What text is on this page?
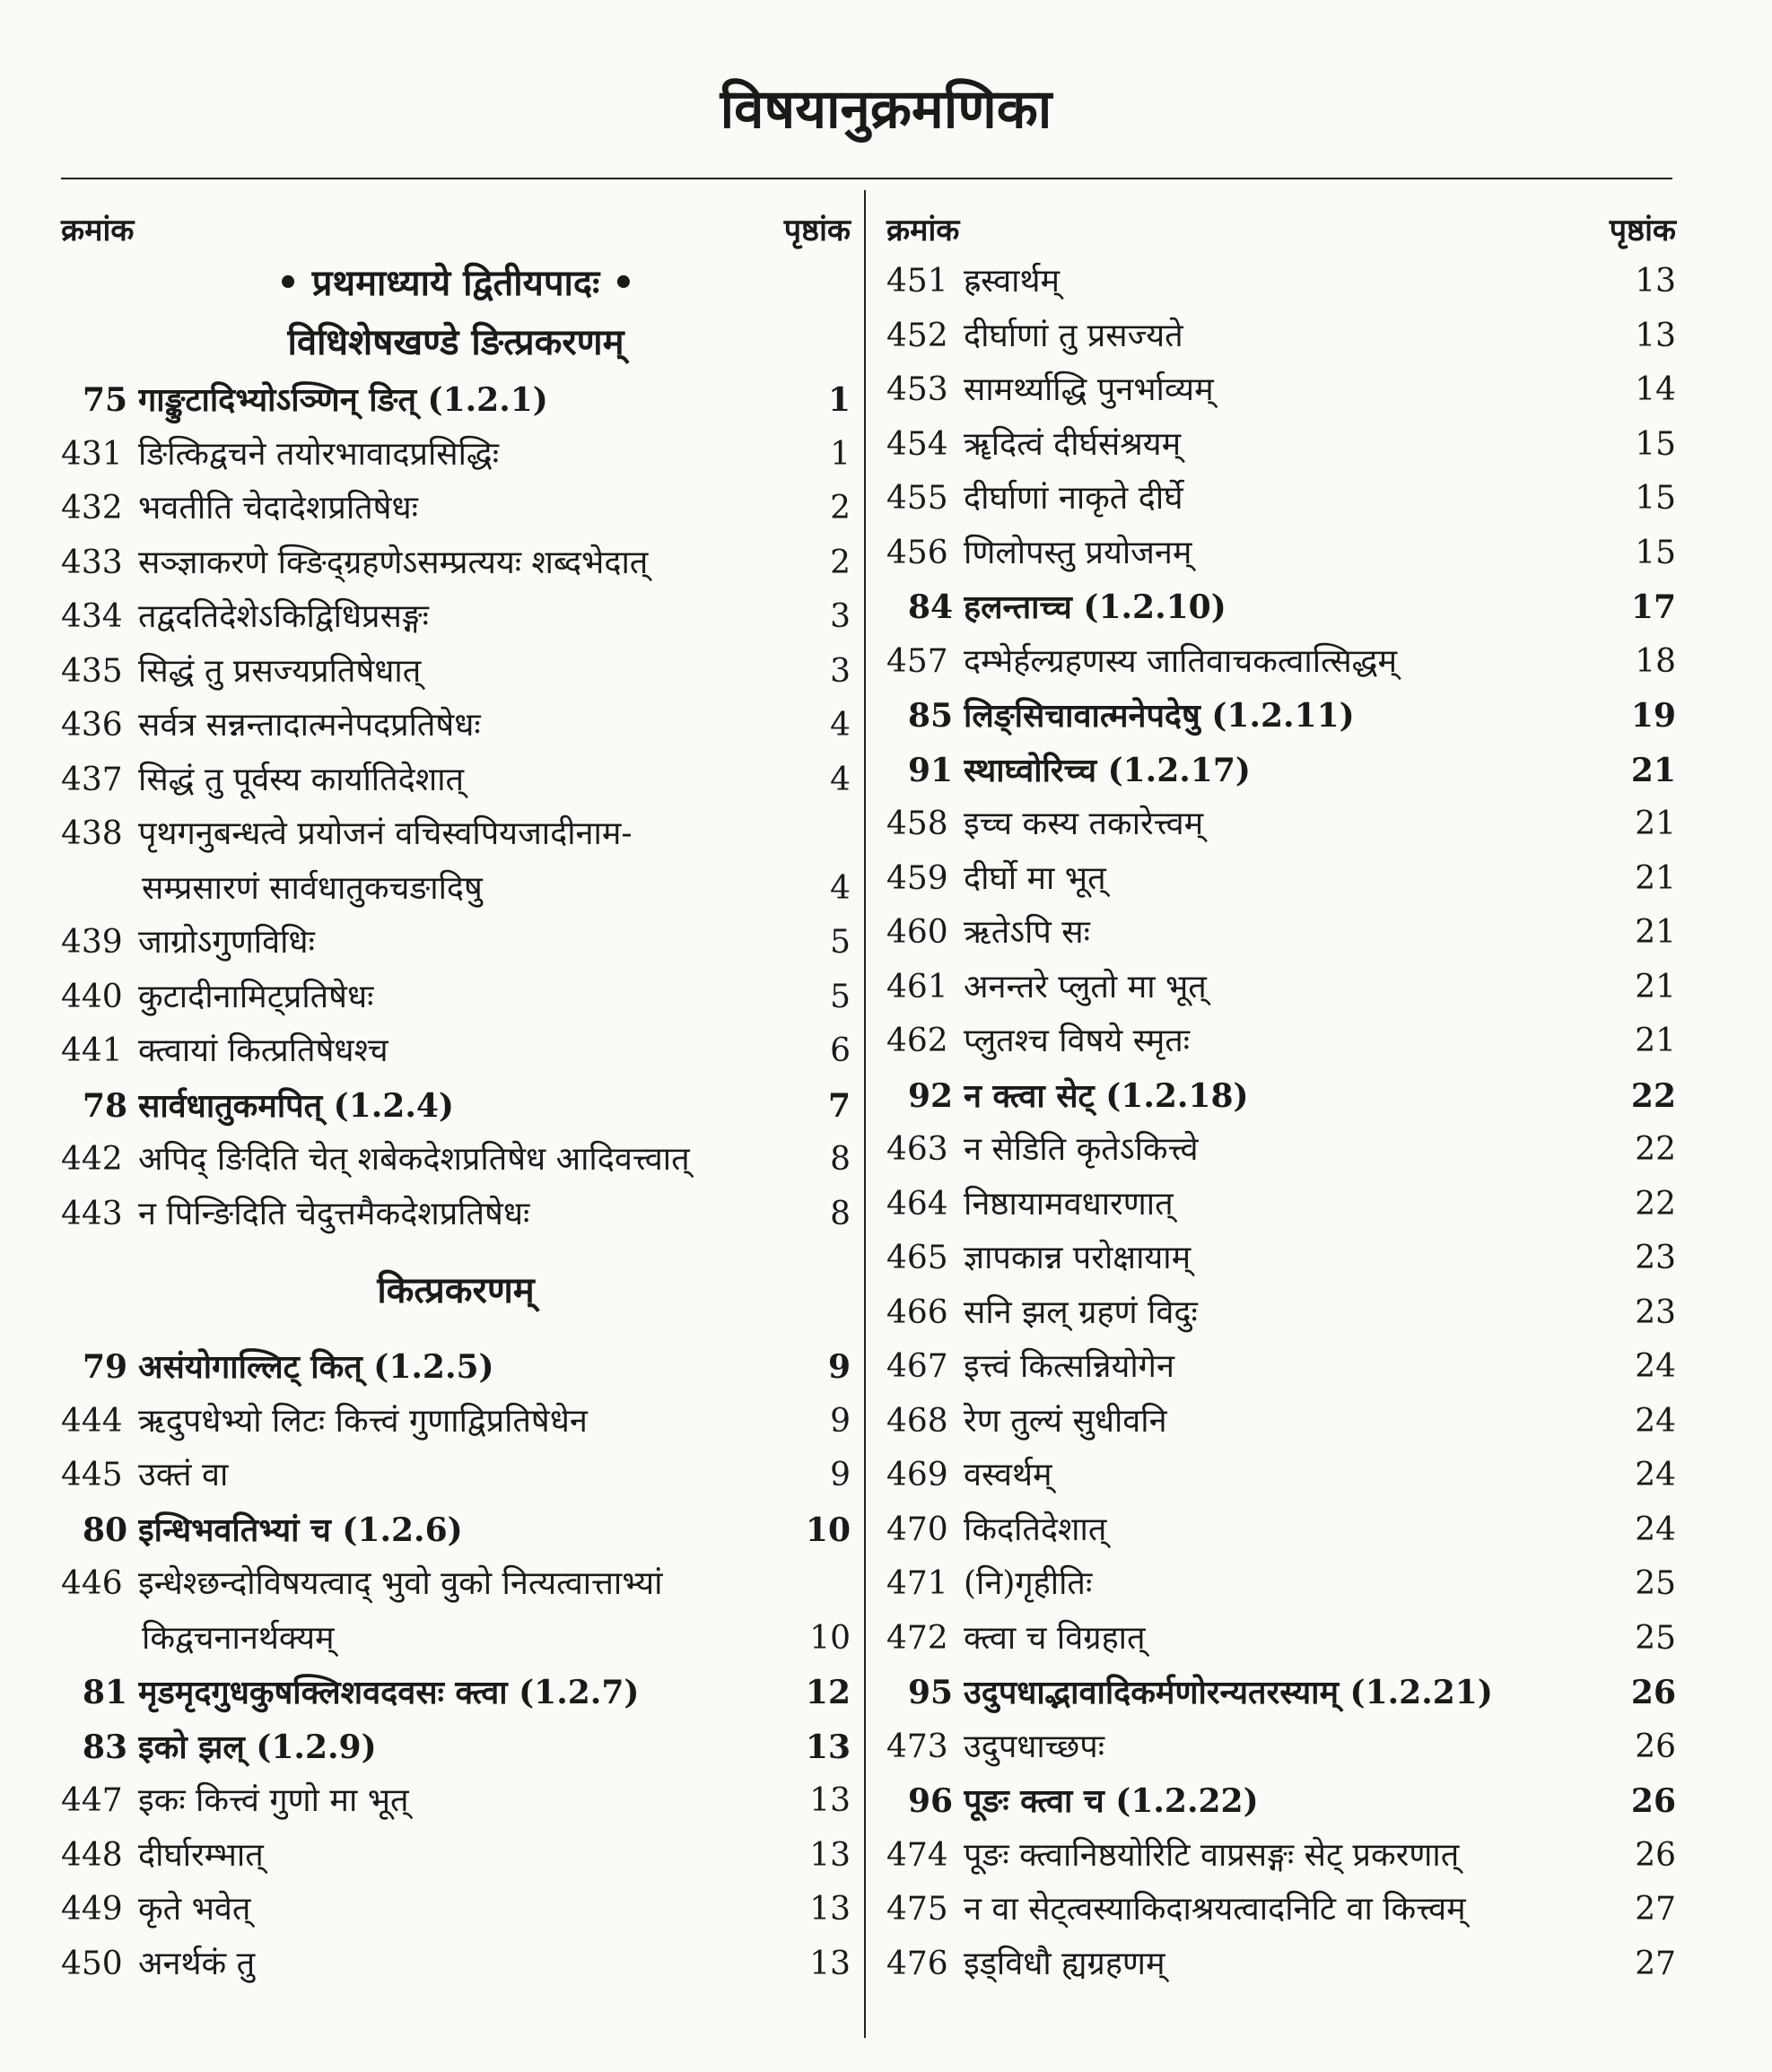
विषयानुक्रमणिका
क्रमांक	पृष्ठांक
• प्रथमाध्याये द्वितीयपादः •
विधिशेषखण्डे ङित्प्रकरणम्
75 गाङ्कुटादिभ्योऽञ्णिन् ङित् (1.2.1)	1
431 ङित्किद्वचने तयोरभावादप्रसिद्धिः	1
432 भवतीति चेदादेशप्रतिषेधः	2
433 सञ्ज्ञाकरणे क्ङिद्ग्रहणेऽसम्प्रत्ययः शब्दभेदात्	2
434 तद्वदतिदेशेऽकिद्विधिप्रसङ्गः	3
435 सिद्धं तु प्रसज्यप्रतिषेधात्	3
436 सर्वत्र सन्नन्तादात्मनेपदप्रतिषेधः	4
437 सिद्धं तु पूर्वस्य कार्यातिदेशात्	4
438 पृथगनुबन्धत्वे प्रयोजनं वचिस्वपियजादीनाम-
सम्प्रसारणं सार्वधातुकचङादिषु	4
439 जाग्रोऽगुणविधिः	5
440 कुटादीनामिट्प्रतिषेधः	5
441 क्त्वायां कित्प्रतिषेधश्च	6
78 सार्वधातुकमपित् (1.2.4)	7
442 अपिद् ङिदिति चेत् शबेकदेशप्रतिषेध आदिवत्त्वात्	8
443 न पिन्ङिदिति चेदुत्तमैकदेशप्रतिषेधः	8
कित्प्रकरणम्
79 असंयोगाल्लिट् कित् (1.2.5)	9
444 ऋदुपधेभ्यो लिटः कित्त्वं गुणाद्विप्रतिषेधेन	9
445 उक्तं वा	9
80 इन्धिभवतिभ्यां च (1.2.6)	10
446 इन्धेश्छन्दोविषयत्वाद् भुवो वुको नित्यत्वात्ताभ्यां
किद्वचनानर्थक्यम्	10
81 मृडमृदगुधकुषक्लिशवदवसः क्त्वा (1.2.7)	12
83 इको झल् (1.2.9)	13
447 इकः कित्त्वं गुणो मा भूत्	13
448 दीर्घारम्भात्	13
449 कृते भवेत्	13
450 अनर्थकं तु	13
क्रमांक	पृष्ठांक
451 ह्रस्वार्थम्	13
452 दीर्घाणां तु प्रसज्यते	13
453 सामर्थ्याद्धि पुनर्भाव्यम्	14
454 ॠदित्वं दीर्घसंश्रयम्	15
455 दीर्घाणां नाकृते दीर्घे	15
456 णिलोपस्तु प्रयोजनम्	15
84 हलन्ताच्च (1.2.10)	17
457 दम्भेर्हल्ग्रहणस्य जातिवाचकत्वात्सिद्धम्	18
85 लिङ्सिचावात्मनेपदेषु (1.2.11)	19
91 स्थाघ्वोरिच्च (1.2.17)	21
458 इच्च कस्य तकारेत्त्वम्	21
459 दीर्घो मा भूत्	21
460 ऋतेऽपि सः	21
461 अनन्तरे प्लुतो मा भूत्	21
462 प्लुतश्च विषये स्मृतः	21
92 न क्त्वा सेट् (1.2.18)	22
463 न सेडिति कृतेऽकित्त्वे	22
464 निष्ठायामवधारणात्	22
465 ज्ञापकान्न परोक्षायाम्	23
466 सनि झल् ग्रहणं विदुः	23
467 इत्त्वं कित्सन्नियोगेन	24
468 रेण तुल्यं सुधीवनि	24
469 वस्वर्थम्	24
470 किदतिदेशात्	24
471 (नि)गृहीतिः	25
472 क्त्वा च विग्रहात्	25
95 उदुपधाद्भावादिकर्मणोरन्यतरस्याम् (1.2.21)	26
473 उदुपधाच्छपः	26
96 पूङः क्त्वा च (1.2.22)	26
474 पूङः क्त्वानिष्ठयोरिटि वाप्रसङ्गः सेट् प्रकरणात्	26
475 न वा सेट्त्वस्याकिदाश्रयत्वादनिटि वा कित्त्वम्	27
476 इड्विधौ ह्यग्रहणम्	27
